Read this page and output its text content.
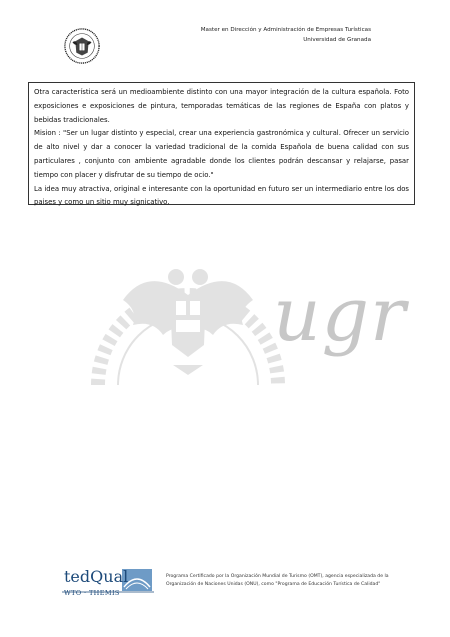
Master en Dirección y Administración de Empresas Turísticas
Universidad de Granada

Otra característica será un medioambiente distinto con una mayor integración de la cultura española. Foto exposiciones e exposiciones de pintura, temporadas temáticas de las regiones de España con platos y bebidas tradicionales.

Mision : "Ser un lugar distinto y especial, crear una experiencia gastronómica y cultural. Ofrecer un servicio de alto nivel y dar a conocer la variedad tradicional de la comida Española de buena calidad con sus particulares , conjunto con ambiente agradable donde los clientes podrán descansar y relajarse, pasar tiempo con placer y disfrutar de su tiempo de ocio."

La idea muy atractiva, original e interesante con la oportunidad en futuro ser un intermediario entre los dos paises y como un sitio muy signicativo.

ugr
tedQual
WTO · THEMIS
Programa Certificado por la Organización Mundial de Turismo (OMT), agencia especializada de la Organización de Naciones Unidas (ONU), como "Programa de Educación Turística de Calidad"
